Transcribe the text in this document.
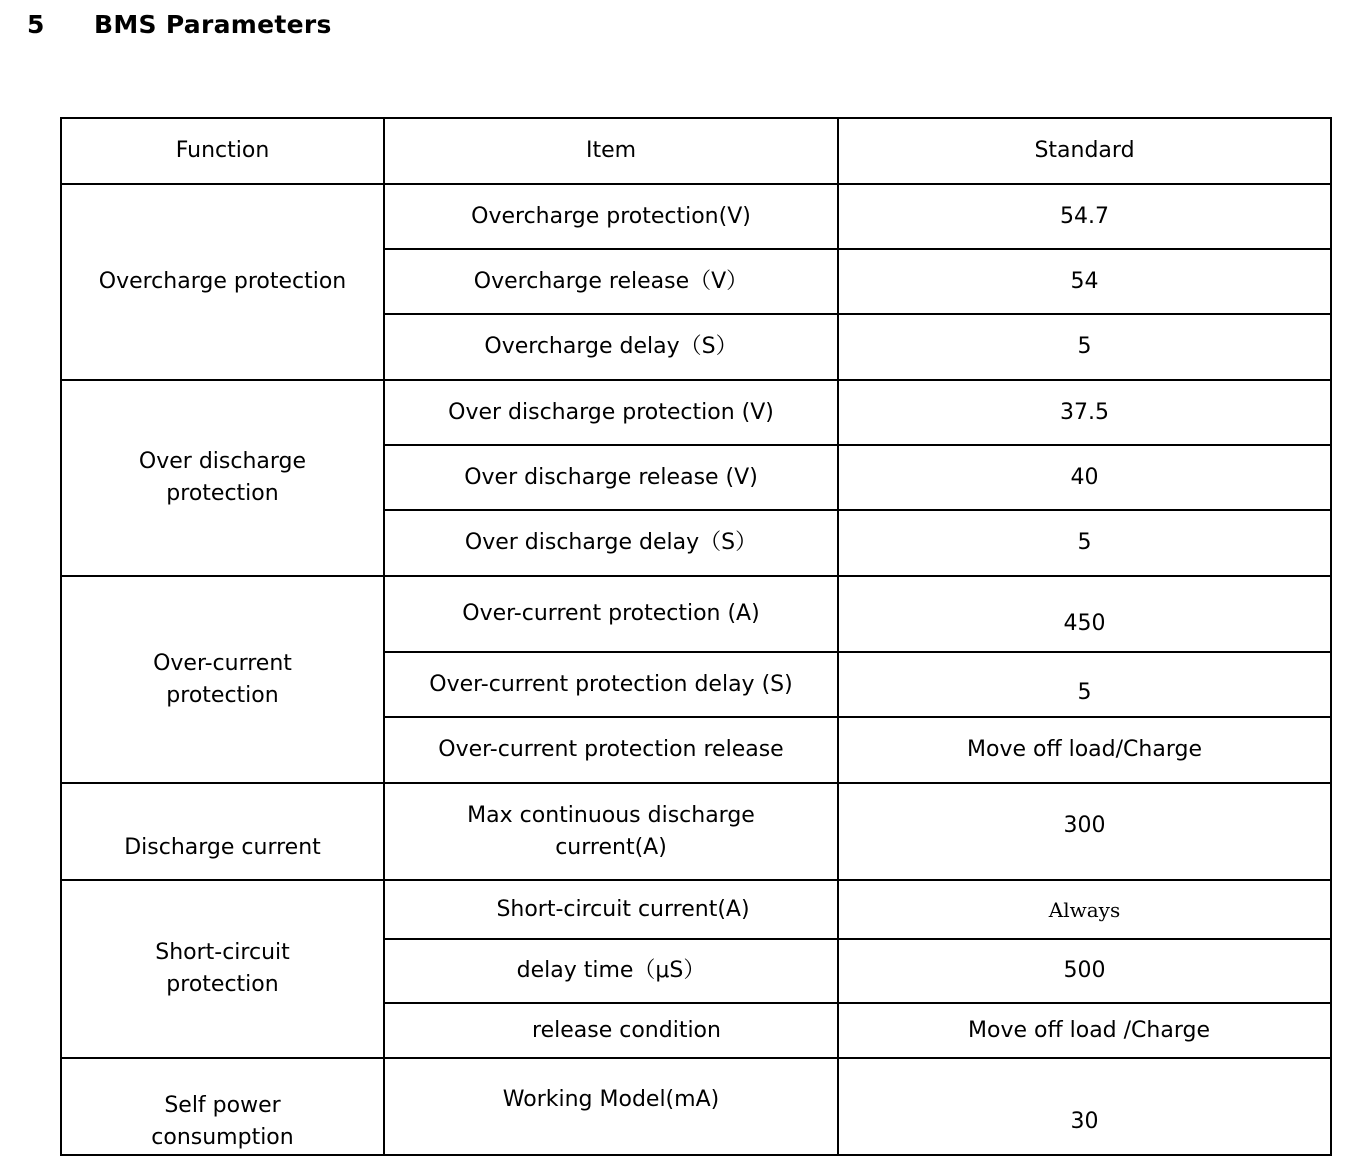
5 BMS Parameters
Function	Item	Standard
Overcharge protection	Overcharge protection(V)	54.7
	Overcharge release（V）	54
	Overcharge delay（S）	5
Over discharge protection	Over discharge protection (V)	37.5
	Over discharge release (V)	40
	Over discharge delay（S）	5
Over-current protection	Over-current protection (A)	450
	Over-current protection delay (S)	5
	Over-current protection release	Move off load/Charge
Discharge current	Max continuous discharge current(A)	300
Short-circuit protection	Short-circuit current(A)	Always
	delay time（μS）	500
	release condition	Move off load /Charge
Self power consumption	Working Model(mA)	30
